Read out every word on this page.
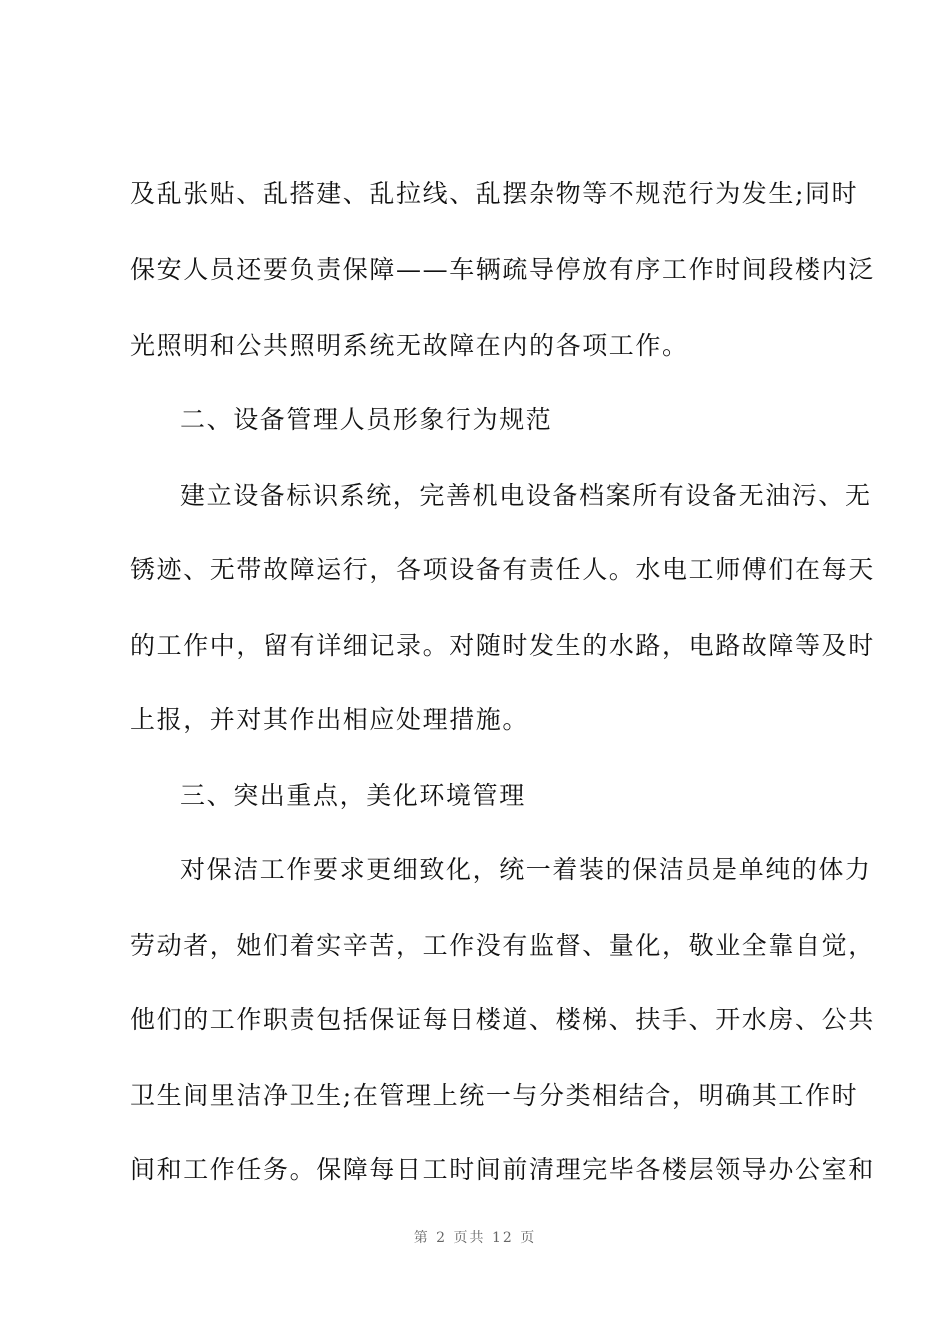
及乱张贴、乱搭建、乱拉线、乱摆杂物等不规范行为发生;同时
保安人员还要负责保障——车辆疏导停放有序工作时间段楼内泛
光照明和公共照明系统无故障在内的各项工作。
二、设备管理人员形象行为规范
建立设备标识系统，完善机电设备档案所有设备无油污、无
锈迹、无带故障运行，各项设备有责任人。水电工师傅们在每天
的工作中，留有详细记录。对随时发生的水路，电路故障等及时
上报，并对其作出相应处理措施。
三、突出重点，美化环境管理
对保洁工作要求更细致化，统一着装的保洁员是单纯的体力
劳动者，她们着实辛苦，工作没有监督、量化，敬业全靠自觉，
他们的工作职责包括保证每日楼道、楼梯、扶手、开水房、公共
卫生间里洁净卫生;在管理上统一与分类相结合，明确其工作时
间和工作任务。保障每日工时间前清理完毕各楼层领导办公室和
第 2 页共 12 页
